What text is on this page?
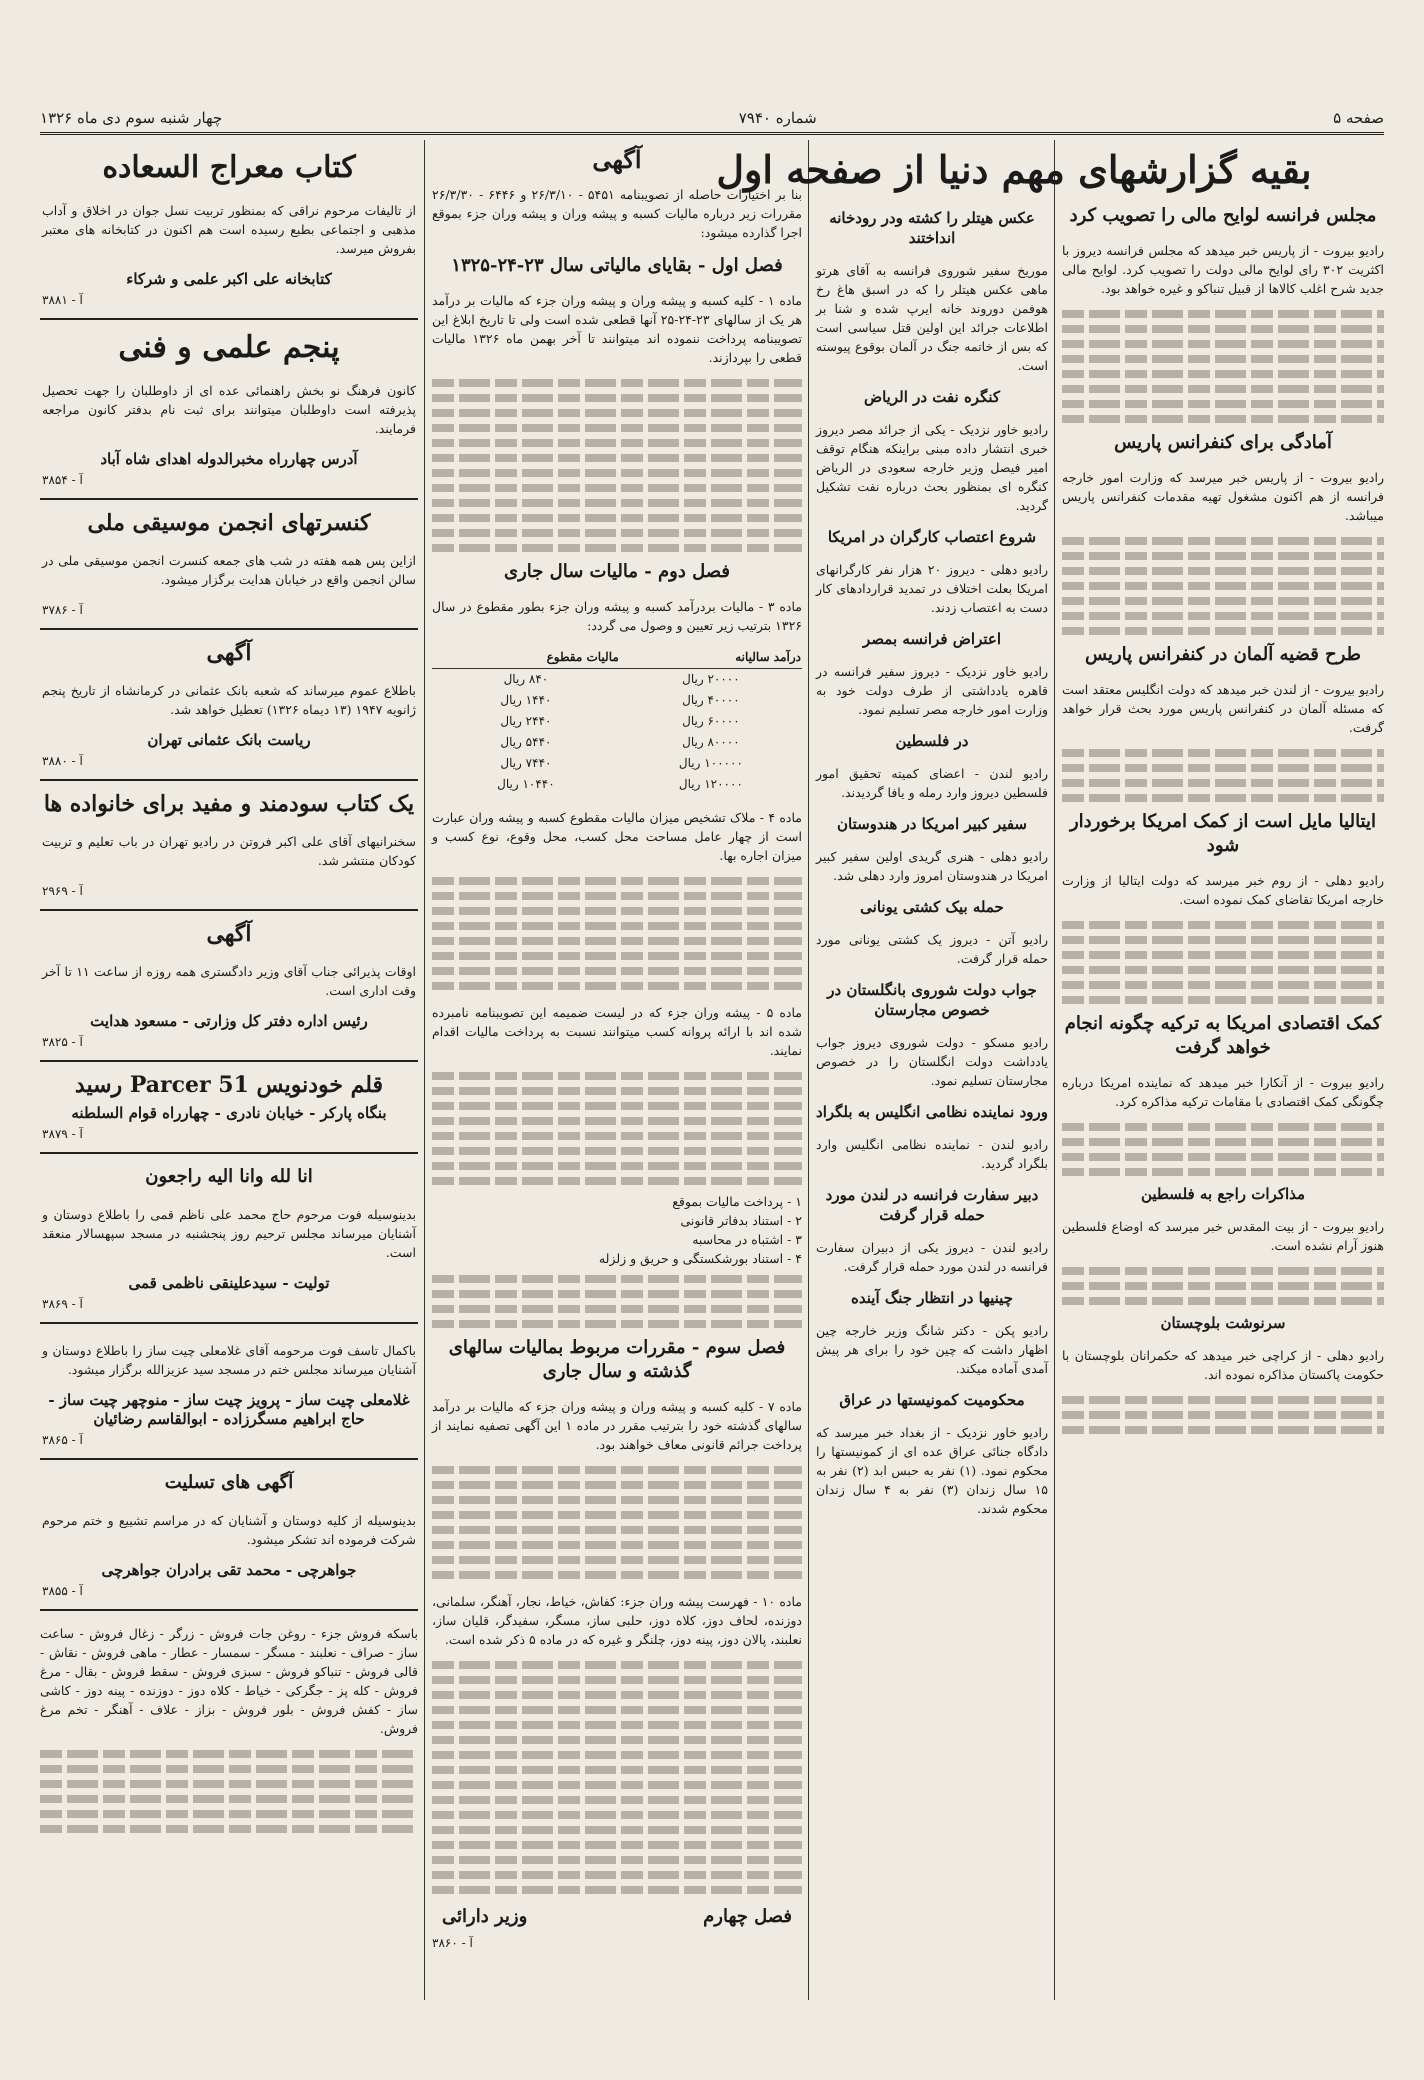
صفحه ۵
شماره ۷۹۴۰
چهار شنبه سوم دی ماه ۱۳۲۶
بقیه گزارشهای مهم دنیا از صفحه اول
مجلس فرانسه لوایح مالی را تصویب کرد

رادیو بیروت - از پاریس خبر میدهد که مجلس فرانسه دیروز با اکثریت ۳۰۲ رای لوایح مالی دولت را تصویب کرد. لوایح مالی جدید شرح اغلب کالاها از قبیل تنباکو و غیره خواهد بود.

آمادگی برای کنفرانس پاریس

رادیو بیروت - از پاریس خبر میرسد که وزارت امور خارجه فرانسه از هم اکنون مشغول تهیه مقدمات کنفرانس پاریس میباشد.

طرح قضیه آلمان در کنفرانس پاریس

رادیو بیروت - از لندن خبر میدهد که دولت انگلیس معتقد است که مسئله آلمان در کنفرانس پاریس مورد بحث قرار خواهد گرفت.

ایتالیا مایل است از کمک امریکا برخوردار شود

رادیو دهلی - از روم خبر میرسد که دولت ایتالیا از وزارت خارجه امریکا تقاضای کمک نموده است.

کمک اقتصادی امریکا به ترکیه چگونه انجام خواهد گرفت

رادیو بیروت - از آنکارا خبر میدهد که نماینده امریکا درباره چگونگی کمک اقتصادی با مقامات ترکیه مذاکره کرد.

مذاکرات راجع به فلسطین

رادیو بیروت - از بیت المقدس خبر میرسد که اوضاع فلسطین هنوز آرام نشده است.

سرنوشت بلوچستان

رادیو دهلی - از کراچی خبر میدهد که حکمرانان بلوچستان با حکومت پاکستان مذاکره نموده اند.

عکس هیتلر را کشته ودر رودخانه انداختند

موریخ سفیر شوروی فرانسه به آقای هرتو ماهی عکس هیتلر را که در اسبق هاغ رخ هوفمن دوروند خانه ایرپ شده و شنا بر اطلاعات جرائد این اولین قتل سیاسی است که بس از خاتمه جنگ در آلمان بوقوع پیوسته است.

کنگره نفت در الریاض

رادیو خاور نزدیک - یکی از جرائد مصر دیروز خبری انتشار داده مبنی براینکه هنگام توقف امیر فیصل وزیر خارجه سعودی در الریاض کنگره ای بمنظور بحث درباره نفت تشکیل گردید.

شروع اعتصاب کارگران در امریکا

رادیو دهلی - دیروز ۲۰ هزار نفر کارگرانهای امریکا بعلت اختلاف در تمدید قراردادهای کار دست به اعتصاب زدند.

اعتراض فرانسه بمصر

رادیو خاور نزدیک - دیروز سفیر فرانسه در قاهره یادداشتی از طرف دولت خود به وزارت امور خارجه مصر تسلیم نمود.

در فلسطین

رادیو لندن - اعضای کمیته تحقیق امور فلسطین دیروز وارد رمله و یافا گردیدند.

سفیر کبیر امریکا در هندوستان

رادیو دهلی - هنری گریدی اولین سفیر کبیر امریکا در هندوستان امروز وارد دهلی شد.

حمله بیک کشتی یونانی

رادیو آتن - دیروز یک کشتی یونانی مورد حمله قرار گرفت.

جواب دولت شوروی بانگلستان در خصوص مجارستان

رادیو مسکو - دولت شوروی دیروز جواب یادداشت دولت انگلستان را در خصوص مجارستان تسلیم نمود.

ورود نماینده نظامی انگلیس به بلگراد

رادیو لندن - نماینده نظامی انگلیس وارد بلگراد گردید.

دبیر سفارت فرانسه در لندن مورد حمله قرار گرفت

رادیو لندن - دیروز یکی از دبیران سفارت فرانسه در لندن مورد حمله قرار گرفت.

چینیها در انتظار جنگ آینده

رادیو پکن - دکتر شانگ وزیر خارجه چین اظهار داشت که چین خود را برای هر پیش آمدی آماده میکند.

محکومیت کمونیستها در عراق

رادیو خاور نزدیک - از بغداد خبر میرسد که دادگاه جنائی عراق عده ای از کمونیستها را محکوم نمود. (۱) نفر به حبس ابد (۲) نفر به ۱۵ سال زندان (۳) نفر به ۴ سال زندان محکوم شدند.

آگهی

بنا بر اختیارات حاصله از تصویبنامه ۵۴۵۱ - ۲۶/۳/۱۰ و ۶۴۴۶ - ۲۶/۳/۳۰ مقررات زیر درباره مالیات کسبه و پیشه وران و پیشه وران جزء بموقع اجرا گذارده میشود:

فصل اول - بقایای مالیاتی سال ۲۳-۲۴-۱۳۲۵

ماده ۱ - کلیه کسبه و پیشه وران و پیشه وران جزء که مالیات بر درآمد هر یک از سالهای ۲۳-۲۴-۲۵ آنها قطعی شده است ولی تا تاریخ ابلاغ این تصویبنامه پرداخت ننموده اند میتوانند تا آخر بهمن ماه ۱۳۲۶ مالیات قطعی را بپردازند.

فصل دوم - مالیات سال جاری

ماده ۳ - مالیات بردرآمد کسبه و پیشه وران جزء بطور مقطوع در سال ۱۳۲۶ بترتیب زیر تعیین و وصول می گردد:

درآمد سالیانه	مالیات مقطوع
۲۰۰۰۰ ریال	۸۴۰ ریال
۴۰۰۰۰ ریال	۱۴۴۰ ریال
۶۰۰۰۰ ریال	۲۴۴۰ ریال
۸۰۰۰۰ ریال	۵۴۴۰ ریال
۱۰۰۰۰۰ ریال	۷۴۴۰ ریال
۱۲۰۰۰۰ ریال	۱۰۴۴۰ ریال

ماده ۴ - ملاک تشخیص میزان مالیات مقطوع کسبه و پیشه وران عبارت است از چهار عامل مساحت محل کسب، محل وقوع، نوع کسب و میزان اجاره بها.

ماده ۵ - پیشه وران جزء که در لیست ضمیمه این تصویبنامه نامبرده شده اند با ارائه پروانه کسب میتوانند نسبت به پرداخت مالیات اقدام نمایند.

۱ - پرداخت مالیات بموقع
۲ - استناد بدفاتر قانونی
۳ - اشتباه در محاسبه
۴ - استناد بورشکستگی و حریق و زلزله
فصل سوم - مقررات مربوط بمالیات سالهای گذشته و سال جاری

ماده ۷ - کلیه کسبه و پیشه وران و پیشه وران جزء که مالیات بر درآمد سالهای گذشته خود را بترتیب مقرر در ماده ۱ این آگهی تصفیه نمایند از پرداخت جرائم قانونی معاف خواهند بود.

ماده ۱۰ - فهرست پیشه وران جزء: کفاش، خیاط، نجار، آهنگر، سلمانی، دوزنده، لحاف دوز، کلاه دوز، حلبی ساز، مسگر، سفیدگر، قلیان ساز، نعلبند، پالان دوز، پینه دوز، چلنگر و غیره که در ماده ۵ ذکر شده است.

فصل چهارم
وزیر دارائی
آ - ۳۸۶۰
کتاب معراج السعاده

از تالیفات مرحوم نراقی که بمنظور تربیت نسل جوان در اخلاق و آداب مذهبی و اجتماعی بطبع رسیده است هم اکنون در کتابخانه های معتبر بفروش میرسد.

کتابخانه علی اکبر علمی و شرکاء
آ - ۳۸۸۱
پنجم علمی و فنی

کانون فرهنگ نو بخش راهنمائی عده ای از داوطلبان را جهت تحصیل پذیرفته است داوطلبان میتوانند برای ثبت نام بدفتر کانون مراجعه فرمایند.

آدرس چهارراه مخبرالدوله اهدای شاه آباد
آ - ۳۸۵۴
کنسرتهای انجمن موسیقی ملی

ازاین پس همه هفته در شب های جمعه کنسرت انجمن موسیقی ملی در سالن انجمن واقع در خیابان هدایت برگزار میشود.

آ - ۳۷۸۶
آگهی

باطلاع عموم میرساند که شعبه بانک عثمانی در کرمانشاه از تاریخ پنجم ژانویه ۱۹۴۷ (۱۳ دیماه ۱۳۲۶) تعطیل خواهد شد.

ریاست بانک عثمانی تهران
آ - ۳۸۸۰
یک کتاب سودمند و مفید برای خانواده ها

سخنرانیهای آقای علی اکبر فروتن در رادیو تهران در باب تعلیم و تربیت کودکان منتشر شد.

آ - ۲۹۶۹
آگهی

اوقات پذیرائی جناب آقای وزیر دادگستری همه روزه از ساعت ۱۱ تا آخر وقت اداری است.

رئیس اداره دفتر کل وزارتی - مسعود هدایت
آ - ۳۸۲۵
قلم خودنویس Parcer 51 رسید
بنگاه پارکر - خیابان نادری - چهارراه قوام السلطنه
آ - ۳۸۷۹
انا لله وانا الیه راجعون

بدینوسیله فوت مرحوم حاج محمد علی ناظم قمی را باطلاع دوستان و آشنایان میرساند مجلس ترحیم روز پنجشنبه در مسجد سپهسالار منعقد است.

تولیت - سیدعلینقی ناظمی قمی
آ - ۳۸۶۹

باکمال تاسف فوت مرحومه آقای غلامعلی چیت ساز را باطلاع دوستان و آشنایان میرساند مجلس ختم در مسجد سید عزیزالله برگزار میشود.

غلامعلی چیت ساز - پرویز چیت ساز - منوچهر چیت ساز - حاج ابراهیم مسگرزاده - ابوالقاسم رضائیان
آ - ۳۸۶۵
آگهی های تسلیت

بدینوسیله از کلیه دوستان و آشنایان که در مراسم تشییع و ختم مرحوم شرکت فرموده اند تشکر میشود.

جواهرچی - محمد تقی برادران جواهرچی
آ - ۳۸۵۵

باسکه فروش جزء - روغن جات فروش - زرگر - زغال فروش - ساعت ساز - صراف - نعلبند - مسگر - سمسار - عطار - ماهی فروش - نقاش - قالی فروش - تنباکو فروش - سبزی فروش - سقط فروش - بقال - مرغ فروش - کله پز - جگرکی - خیاط - کلاه دوز - دوزنده - پینه دوز - کاشی ساز - کفش فروش - بلور فروش - بزاز - علاف - آهنگر - تخم مرغ فروش.
